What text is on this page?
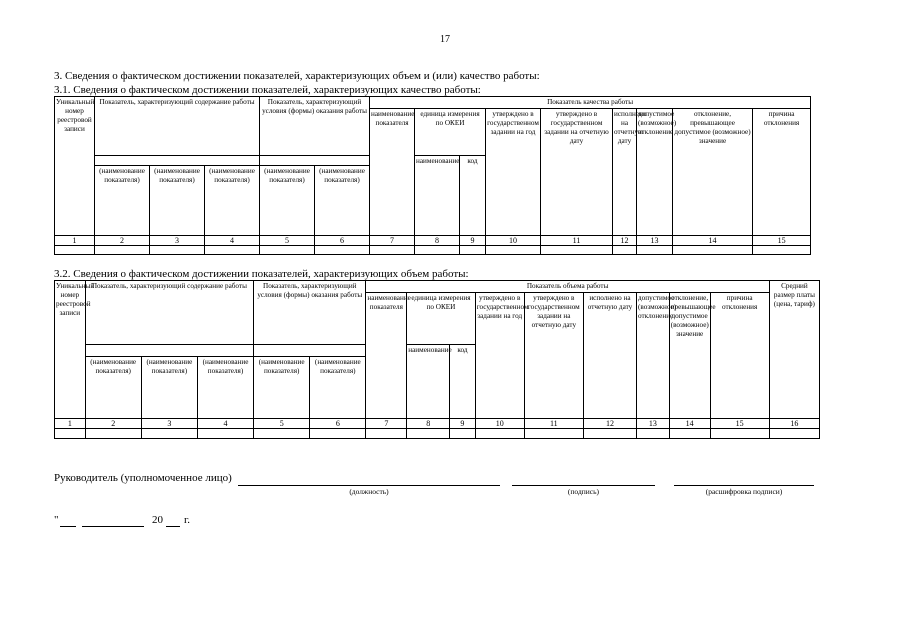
17
3. Сведения о фактическом достижении показателей, характеризующих объем и (или) качество работы:
3.1. Сведения о фактическом достижении показателей, характеризующих качество работы:
Уникальный номер реестровой записи	Показатель, характеризующий содержание работы			Показатель, характеризующий условия (формы) оказания работы		Показатель качества работы								
						наименование показателя	единица измерения по ОКЕИ		утверждено в государственном задании на год	утверждено в государственном задании на отчетную дату	исполнено на отчетную дату	допустимое (возможное) отклонение	отклонение, превышающее допустимое (возможное) значение	причина отклонения
							наименование	код						
	(наименование показателя)	(наименование показателя)	(наименование показателя)	(наименование показателя)	(наименование показателя)									
1	2	3	4	5	6	7	8	9	10	11	12	13	14	15

3.2. Сведения о фактическом достижении показателей, характеризующих объем работы:
Уникальный номер реестровой записи	Показатель, характеризующий содержание работы			Показатель, характеризующий условия (формы) оказания работы		Показатель объема работы									Средний размер платы (цена, тариф)
						наименование показателя	единица измерения по ОКЕИ		утверждено в государственном задании на год	утверждено в государственном задании на отчетную дату	исполнено на отчетную дату	допустимое (возможное) отклонение	отклонение, превышающее допустимое (возможное) значение	причина отклонения	
							наименование	код							
	(наименование показателя)	(наименование показателя)	(наименование показателя)	(наименование показателя)	(наименование показателя)										
1	2	3	4	5	6	7	8	9	10	11	12	13	14	15	16

Руководитель (уполномоченное лицо)
(должность)	(подпись)	(расшифровка подписи)
"	20 г.
